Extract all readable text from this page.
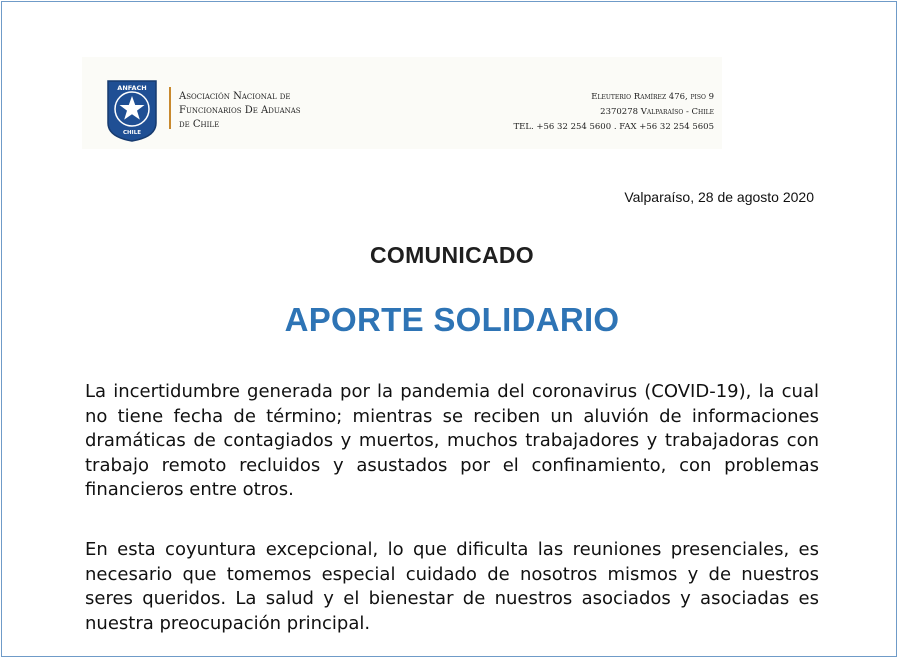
ANFACH
CHILE
Asociación Nacional de
Funcionarios De Aduanas
de Chile
Eleuterio Ramírez 476, piso 9
2370278 Valparaíso - Chile
TEL. +56 32 254 5600 . FAX +56 32 254 5605
Valparaíso, 28 de agosto 2020
COMUNICADO
APORTE SOLIDARIO

La incertidumbre generada por la pandemia del coronavirus (COVID-19), la cual no tiene fecha de término; mientras se reciben un aluvión de informaciones dramáticas de contagiados y muertos, muchos trabajadores y trabajadoras con trabajo remoto recluidos y asustados por el confinamiento, con problemas financieros entre otros.

En esta coyuntura excepcional, lo que dificulta las reuniones presenciales, es necesario que tomemos especial cuidado de nosotros mismos y de nuestros seres queridos. La salud y el bienestar de nuestros asociados y asociadas es nuestra preocupación principal.
